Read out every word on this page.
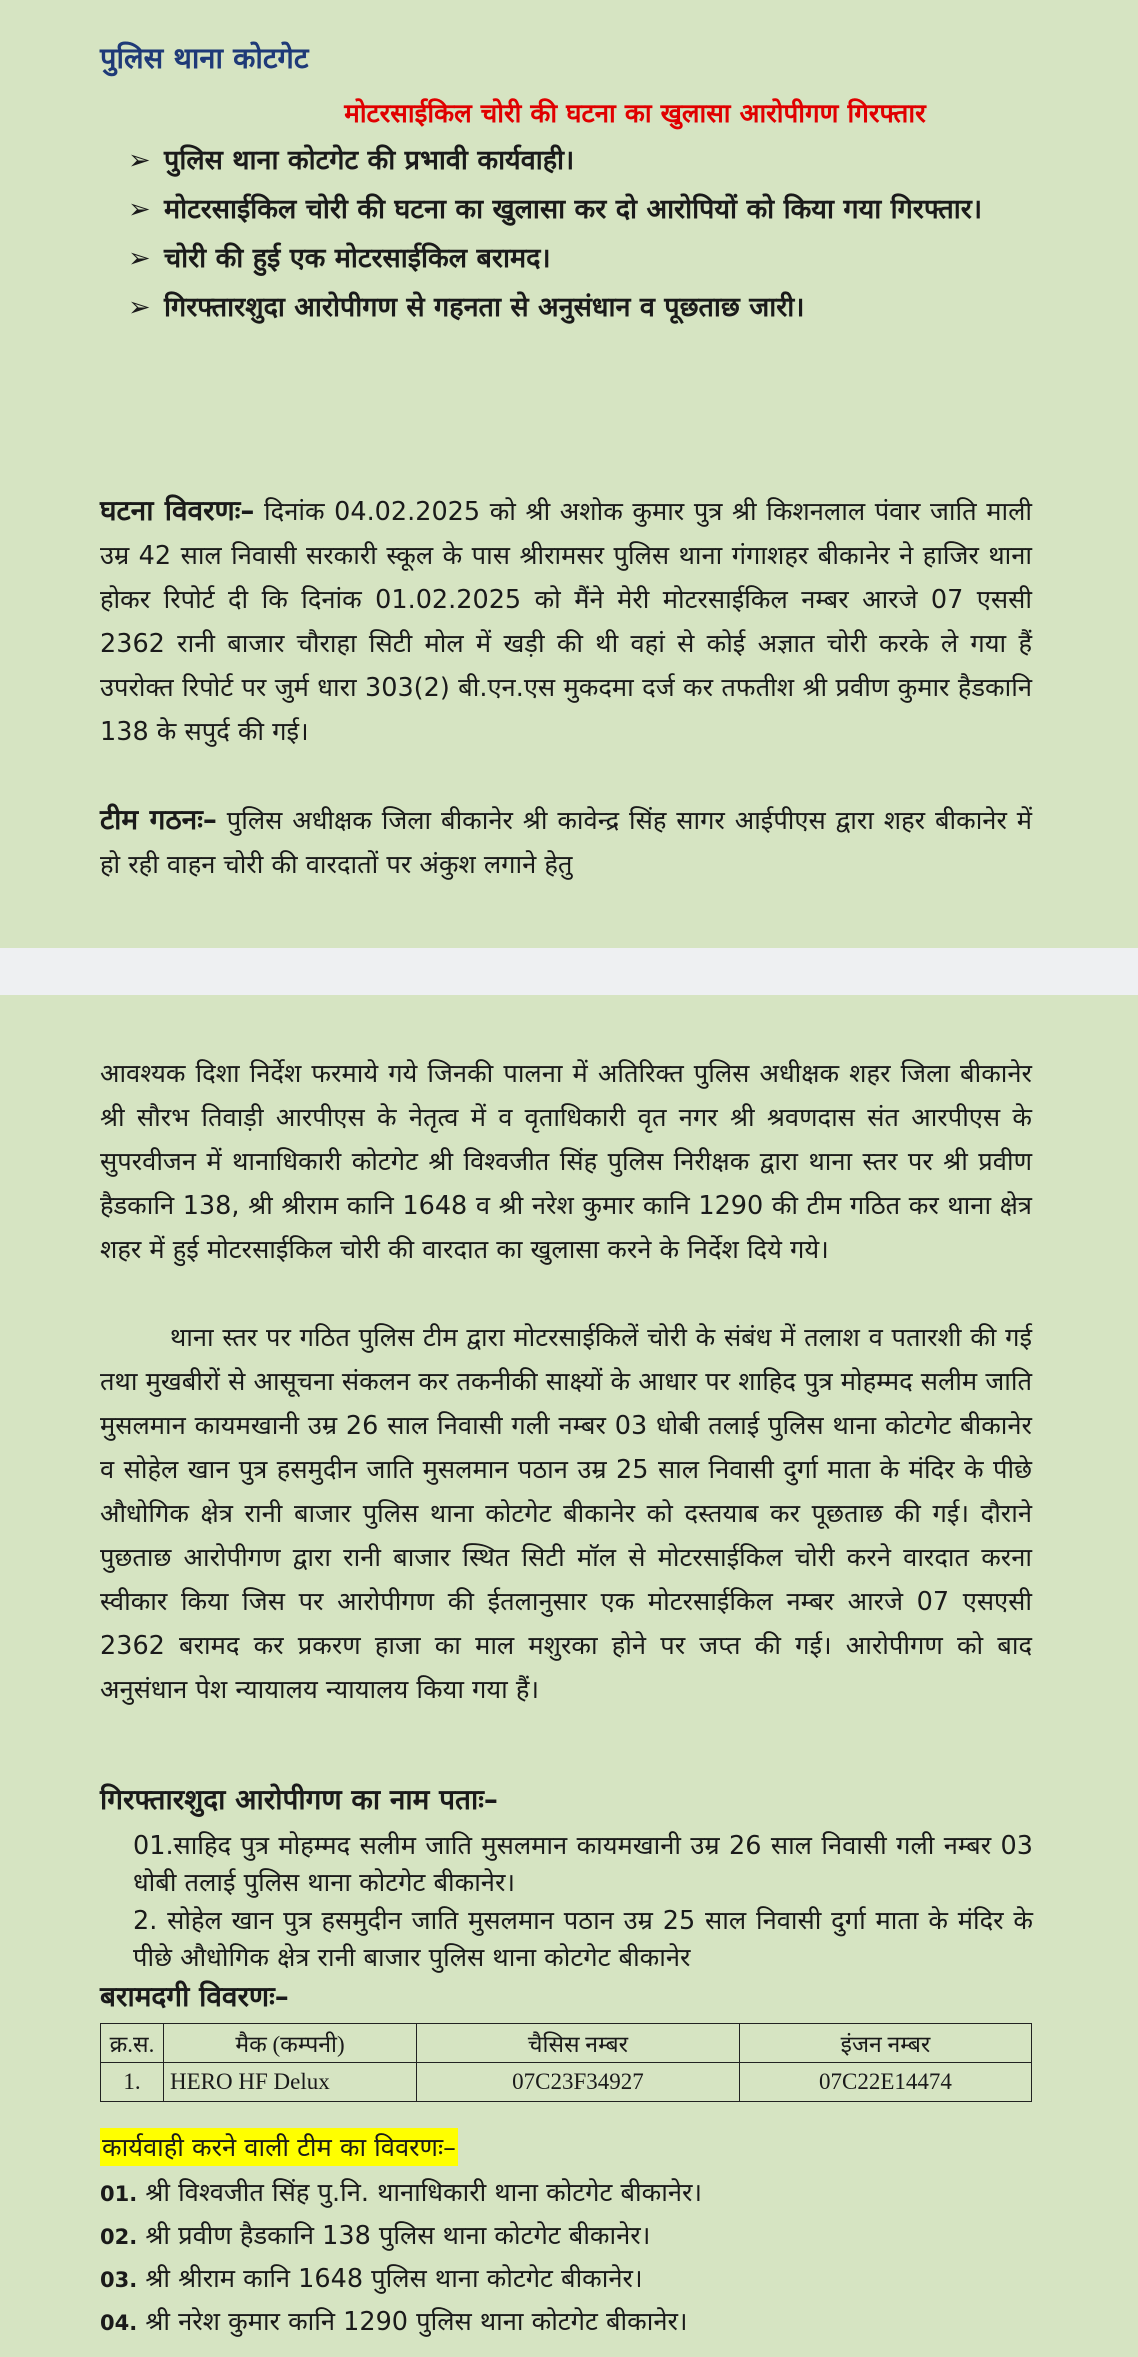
पुलिस थाना कोटगेट
मोटरसाईकिल चोरी की घटना का खुलासा आरोपीगण गिरफ्तार
➢ पुलिस थाना कोटगेट की प्रभावी कार्यवाही।
➢ मोटरसाईकिल चोरी की घटना का खुलासा कर दो आरोपियों को किया गया गिरफ्तार।
➢ चोरी की हुई एक मोटरसाईकिल बरामद।
➢ गिरफ्तारशुदा आरोपीगण से गहनता से अनुसंधान व पूछताछ जारी।
घटना विवरणः– दिनांक 04.02.2025 को श्री अशोक कुमार पुत्र श्री किशनलाल पंवार जाति माली उम्र 42 साल निवासी सरकारी स्कूल के पास श्रीरामसर पुलिस थाना गंगाशहर बीकानेर ने हाजिर थाना होकर रिपोर्ट दी कि दिनांक 01.02.2025 को मैंने मेरी मोटरसाईकिल नम्बर आरजे 07 एससी 2362 रानी बाजार चौराहा सिटी मोल में खड़ी की थी वहां से कोई अज्ञात चोरी करके ले गया हैं उपरोक्त रिपोर्ट पर जुर्म धारा 303(2) बी.एन.एस मुकदमा दर्ज कर तफतीश श्री प्रवीण कुमार हैडकानि 138 के सपुर्द की गई।
टीम गठनः– पुलिस अधीक्षक जिला बीकानेर श्री कावेन्द्र सिंह सागर आईपीएस द्वारा शहर बीकानेर में हो रही वाहन चोरी की वारदातों पर अंकुश लगाने हेतु
आवश्यक दिशा निर्देश फरमाये गये जिनकी पालना में अतिरिक्त पुलिस अधीक्षक शहर जिला बीकानेर श्री सौरभ तिवाड़ी आरपीएस के नेतृत्व में व वृताधिकारी वृत नगर श्री श्रवणदास संत आरपीएस के सुपरवीजन में थानाधिकारी कोटगेट श्री विश्वजीत सिंह पुलिस निरीक्षक द्वारा थाना स्तर पर श्री प्रवीण हैडकानि 138, श्री श्रीराम कानि 1648 व श्री नरेश कुमार कानि 1290 की टीम गठित कर थाना क्षेत्र शहर में हुई मोटरसाईकिल चोरी की वारदात का खुलासा करने के निर्देश दिये गये।
थाना स्तर पर गठित पुलिस टीम द्वारा मोटरसाईकिलें चोरी के संबंध में तलाश व पतारशी की गई तथा मुखबीरों से आसूचना संकलन कर तकनीकी साक्ष्यों के आधार पर शाहिद पुत्र मोहम्मद सलीम जाति मुसलमान कायमखानी उम्र 26 साल निवासी गली नम्बर 03 धोबी तलाई पुलिस थाना कोटगेट बीकानेर व सोहेल खान पुत्र हसमुदीन जाति मुसलमान पठान उम्र 25 साल निवासी दुर्गा माता के मंदिर के पीछे औधोगिक क्षेत्र रानी बाजार पुलिस थाना कोटगेट बीकानेर को दस्तयाब कर पूछताछ की गई। दौराने पुछताछ आरोपीगण द्वारा रानी बाजार स्थित सिटी मॉल से मोटरसाईकिल चोरी करने वारदात करना स्वीकार किया जिस पर आरोपीगण की ईतलानुसार एक मोटरसाईकिल नम्बर आरजे 07 एसएसी 2362 बरामद कर प्रकरण हाजा का माल मशुरका होने पर जप्त की गई। आरोपीगण को बाद अनुसंधान पेश न्यायालय न्यायालय किया गया हैं।
गिरफ्तारशुदा आरोपीगण का नाम पताः–
01.साहिद पुत्र मोहम्मद सलीम जाति मुसलमान कायमखानी उम्र 26 साल निवासी गली नम्बर 03 धोबी तलाई पुलिस थाना कोटगेट बीकानेर।
2. सोहेल खान पुत्र हसमुदीन जाति मुसलमान पठान उम्र 25 साल निवासी दुर्गा माता के मंदिर के पीछे औधोगिक क्षेत्र रानी बाजार पुलिस थाना कोटगेट बीकानेर
बरामदगी विवरणः–
क्र.स.	मैक (कम्पनी)	चैसिस नम्बर	इंजन नम्बर
1.	HERO HF Delux	07C23F34927	07C22E14474
कार्यवाही करने वाली टीम का विवरणः–
01. श्री विश्वजीत सिंह पु.नि. थानाधिकारी थाना कोटगेट बीकानेर।
02. श्री प्रवीण हैडकानि 138 पुलिस थाना कोटगेट बीकानेर।
03. श्री श्रीराम कानि 1648 पुलिस थाना कोटगेट बीकानेर।
04. श्री नरेश कुमार कानि 1290 पुलिस थाना कोटगेट बीकानेर।
